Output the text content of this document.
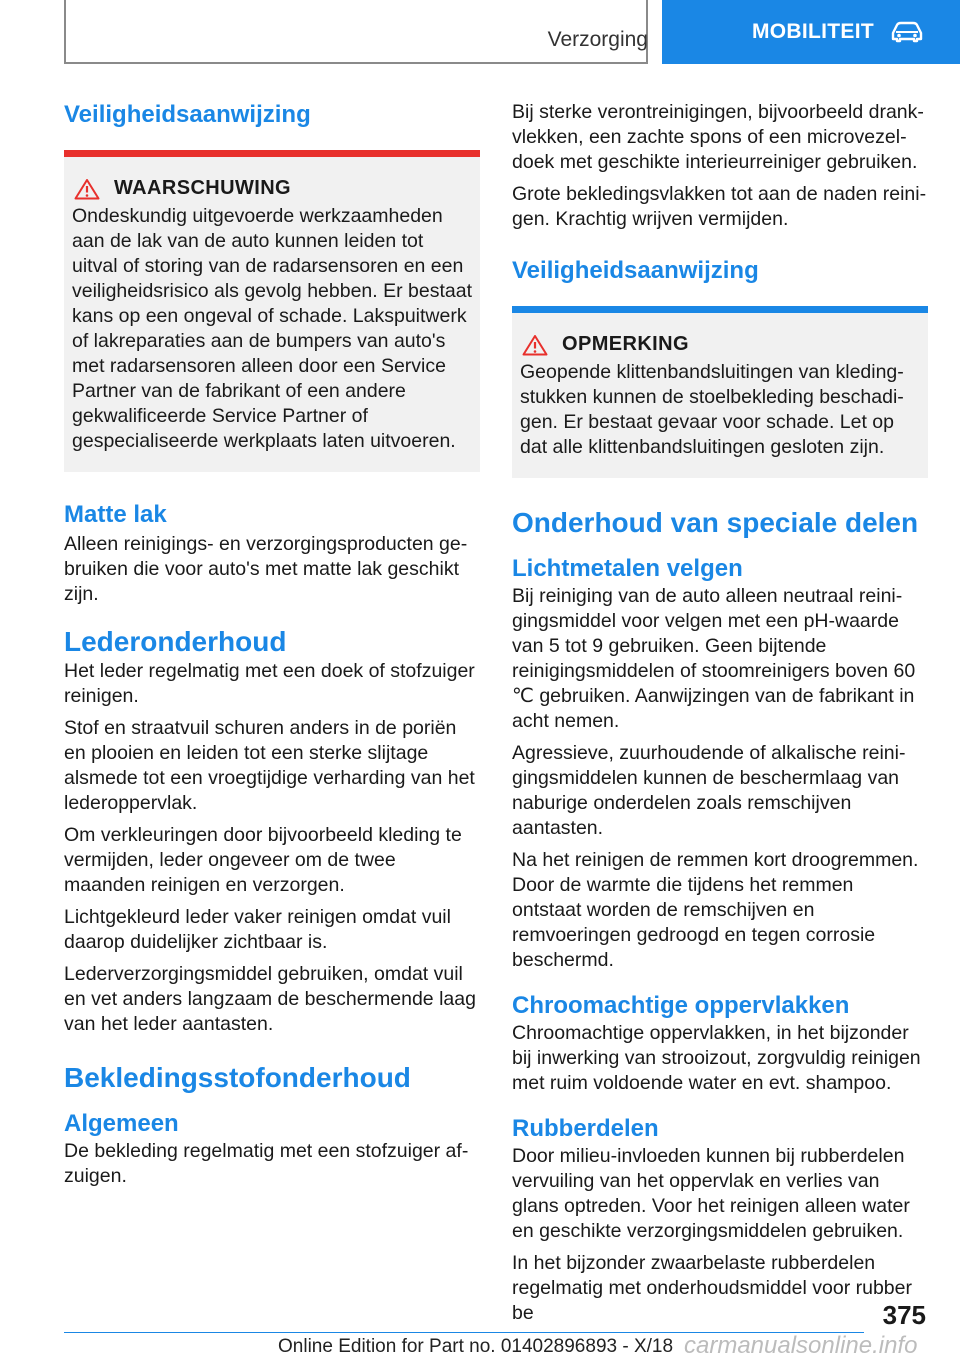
Verzorging	MOBILITEIT
Veiligheidsaanwijzing
WAARSCHUWING

Ondeskundig uitgevoerde werkzaamheden aan de lak van de auto kunnen leiden tot uitval of storing van de radarsensoren en een veiligheidsrisico als gevolg hebben. Er bestaat kans op een ongeval of schade. Lakspuitwerk of lakreparaties aan de bumpers van auto's met radarsensoren alleen door een Service Partner van de fabrikant of een andere gekwalificeerde Service Partner of gespecialiseerde werkplaats laten uitvoeren.

Matte lak

Alleen reinigings- en verzorgingsproducten gebruiken die voor auto's met matte lak geschikt zijn.

Lederonderhoud

Het leder regelmatig met een doek of stofzuiger reinigen.

Stof en straatvuil schuren anders in de poriën en plooien en leiden tot een sterke slijtage alsmede tot een vroegtijdige verharding van het lederoppervlak.

Om verkleuringen door bijvoorbeeld kleding te vermijden, leder ongeveer om de twee maanden reinigen en verzorgen.

Lichtgekleurd leder vaker reinigen omdat vuil daarop duidelijker zichtbaar is.

Lederverzorgingsmiddel gebruiken, omdat vuil en vet anders langzaam de beschermende laag van het leder aantasten.

Bekledingsstofonderhoud
Algemeen

De bekleding regelmatig met een stofzuiger afzuigen.

Bij sterke verontreinigingen, bijvoorbeeld drankvlekken, een zachte spons of een microvezeldoek met geschikte interieurreiniger gebruiken.

Grote bekledingsvlakken tot aan de naden reinigen. Krachtig wrijven vermijden.

Veiligheidsaanwijzing
OPMERKING

Geopende klittenbandsluitingen van kledingstukken kunnen de stoelbekleding beschadigen. Er bestaat gevaar voor schade. Let op dat alle klittenbandsluitingen gesloten zijn.

Onderhoud van speciale delen
Lichtmetalen velgen

Bij reiniging van de auto alleen neutraal reinigingsmiddel voor velgen met een pH-waarde van 5 tot 9 gebruiken. Geen bijtende reinigingsmiddelen of stoomreinigers boven 60 ℃ gebruiken. Aanwijzingen van de fabrikant in acht nemen.

Agressieve, zuurhoudende of alkalische reinigingsmiddelen kunnen de beschermlaag van naburige onderdelen zoals remschijven aantasten.

Na het reinigen de remmen kort droogremmen. Door de warmte die tijdens het remmen ontstaat worden de remschijven en remvoeringen gedroogd en tegen corrosie beschermd.

Chroomachtige oppervlakken

Chroomachtige oppervlakken, in het bijzonder bij inwerking van strooizout, zorgvuldig reinigen met ruim voldoende water en evt. shampoo.

Rubberdelen

Door milieu-invloeden kunnen bij rubberdelen vervuiling van het oppervlak en verlies van glans optreden. Voor het reinigen alleen water en geschikte verzorgingsmiddelen gebruiken.

In het bijzonder zwaarbelaste rubberdelen regelmatig met onderhoudsmiddel voor rubber be	375
Online Edition for Part no. 01402896893 - X/18 carmanualsonline.info
